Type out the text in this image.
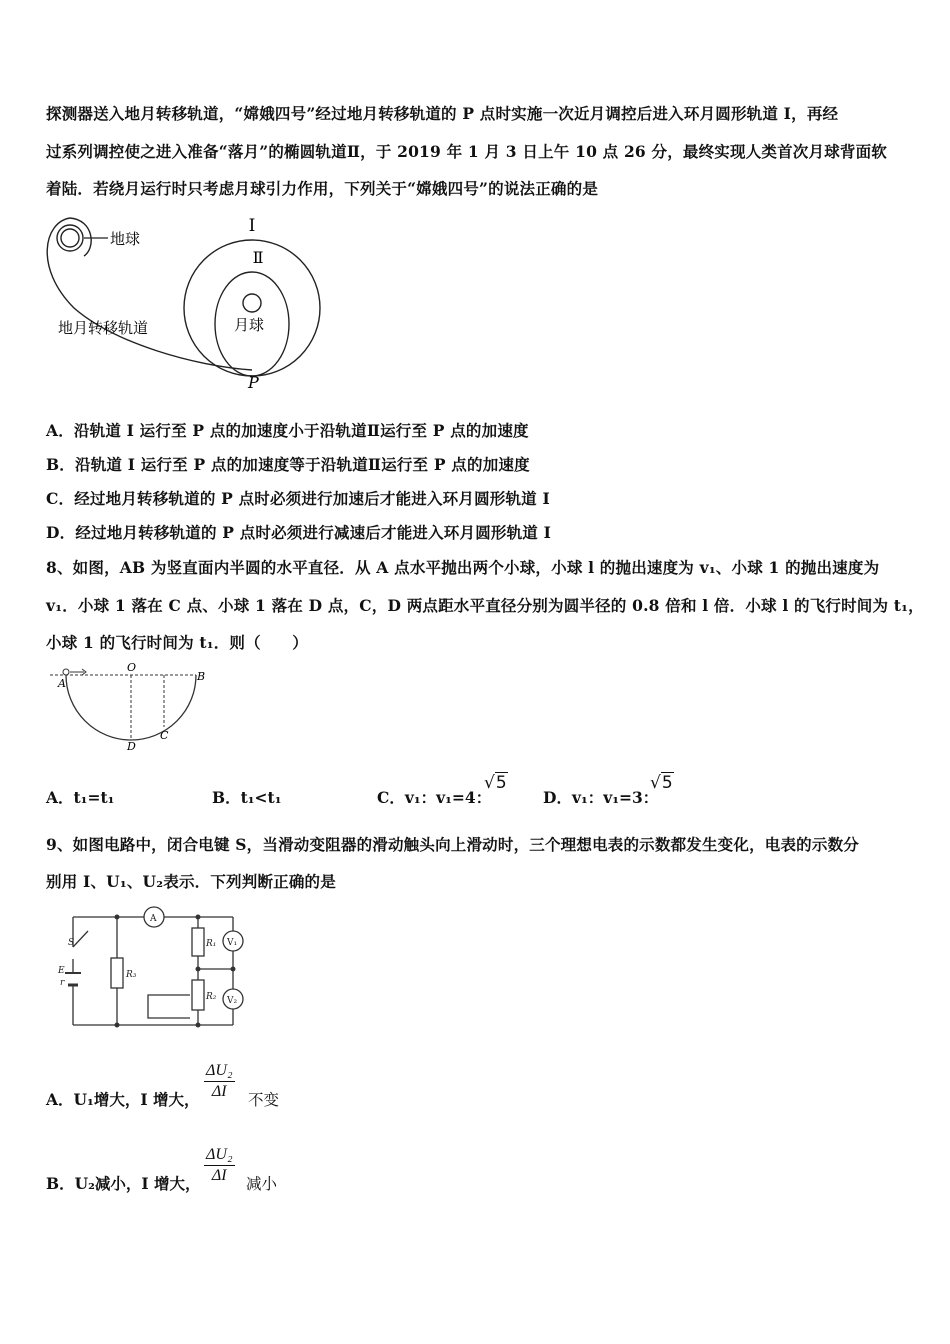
探测器送入地月转移轨道，“嫦娥四号”经过地月转移轨道的 P 点时实施一次近月调控后进入环月圆形轨道 I，再经
过系列调控使之进入准备“落月”的椭圆轨道Ⅱ，于 2019 年 1 月 3 日上午 10 点 26 分，最终实现人类首次月球背面软
着陆．若绕月运行时只考虑月球引力作用，下列关于“嫦娥四号”的说法正确的是
地球
地月转移轨道
I
Ⅱ
月球
P
A．沿轨道 I 运行至 P 点的加速度小于沿轨道Ⅱ运行至 P 点的加速度
B．沿轨道 I 运行至 P 点的加速度等于沿轨道Ⅱ运行至 P 点的加速度
C．经过地月转移轨道的 P 点时必须进行加速后才能进入环月圆形轨道 I
D．经过地月转移轨道的 P 点时必须进行减速后才能进入环月圆形轨道 I
8、如图，AB 为竖直面内半圆的水平直径．从 A 点水平抛出两个小球，小球 l 的抛出速度为 v₁、小球 1 的抛出速度为
v₁．小球 1 落在 C 点、小球 1 落在 D 点，C，D 两点距水平直径分别为圆半径的 0.8 倍和 l 倍．小球 l 的飞行时间为 t₁，
小球 1 的飞行时间为 t₁．则（　　）
A
O
B
C
D
A．t₁=t₁	B．t₁<t₁	C．v₁：v₁=4：
√5
D．v₁：v₁=3：
√5
9、如图电路中，闭合电键 S，当滑动变阻器的滑动触头向上滑动时，三个理想电表的示数都发生变化，电表的示数分
别用 I、U₁、U₂表示．下列判断正确的是
S
E
r
R₃
R₁
R₂
A
V₁
V₂
A．U₁增大，I 增大， $\frac{\text{ΔU₂}}{\Delta I}$ 不变
B．U₂减小，I 增大， $\frac{\text{ΔU₂}}{\Delta I}$ 减小
